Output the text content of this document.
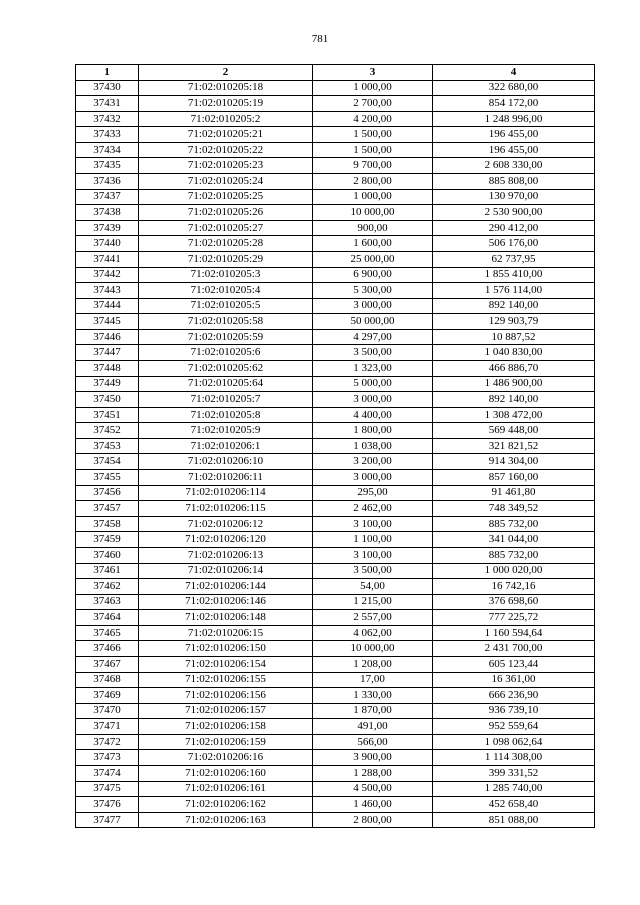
781
1	2	3	4
37430	71:02:010205:18	1 000,00	322 680,00
37431	71:02:010205:19	2 700,00	854 172,00
37432	71:02:010205:2	4 200,00	1 248 996,00
37433	71:02:010205:21	1 500,00	196 455,00
37434	71:02:010205:22	1 500,00	196 455,00
37435	71:02:010205:23	9 700,00	2 608 330,00
37436	71:02:010205:24	2 800,00	885 808,00
37437	71:02:010205:25	1 000,00	130 970,00
37438	71:02:010205:26	10 000,00	2 530 900,00
37439	71:02:010205:27	900,00	290 412,00
37440	71:02:010205:28	1 600,00	506 176,00
37441	71:02:010205:29	25 000,00	62 737,95
37442	71:02:010205:3	6 900,00	1 855 410,00
37443	71:02:010205:4	5 300,00	1 576 114,00
37444	71:02:010205:5	3 000,00	892 140,00
37445	71:02:010205:58	50 000,00	129 903,79
37446	71:02:010205:59	4 297,00	10 887,52
37447	71:02:010205:6	3 500,00	1 040 830,00
37448	71:02:010205:62	1 323,00	466 886,70
37449	71:02:010205:64	5 000,00	1 486 900,00
37450	71:02:010205:7	3 000,00	892 140,00
37451	71:02:010205:8	4 400,00	1 308 472,00
37452	71:02:010205:9	1 800,00	569 448,00
37453	71:02:010206:1	1 038,00	321 821,52
37454	71:02:010206:10	3 200,00	914 304,00
37455	71:02:010206:11	3 000,00	857 160,00
37456	71:02:010206:114	295,00	91 461,80
37457	71:02:010206:115	2 462,00	748 349,52
37458	71:02:010206:12	3 100,00	885 732,00
37459	71:02:010206:120	1 100,00	341 044,00
37460	71:02:010206:13	3 100,00	885 732,00
37461	71:02:010206:14	3 500,00	1 000 020,00
37462	71:02:010206:144	54,00	16 742,16
37463	71:02:010206:146	1 215,00	376 698,60
37464	71:02:010206:148	2 557,00	777 225,72
37465	71:02:010206:15	4 062,00	1 160 594,64
37466	71:02:010206:150	10 000,00	2 431 700,00
37467	71:02:010206:154	1 208,00	605 123,44
37468	71:02:010206:155	17,00	16 361,00
37469	71:02:010206:156	1 330,00	666 236,90
37470	71:02:010206:157	1 870,00	936 739,10
37471	71:02:010206:158	491,00	952 559,64
37472	71:02:010206:159	566,00	1 098 062,64
37473	71:02:010206:16	3 900,00	1 114 308,00
37474	71:02:010206:160	1 288,00	399 331,52
37475	71:02:010206:161	4 500,00	1 285 740,00
37476	71:02:010206:162	1 460,00	452 658,40
37477	71:02:010206:163	2 800,00	851 088,00
